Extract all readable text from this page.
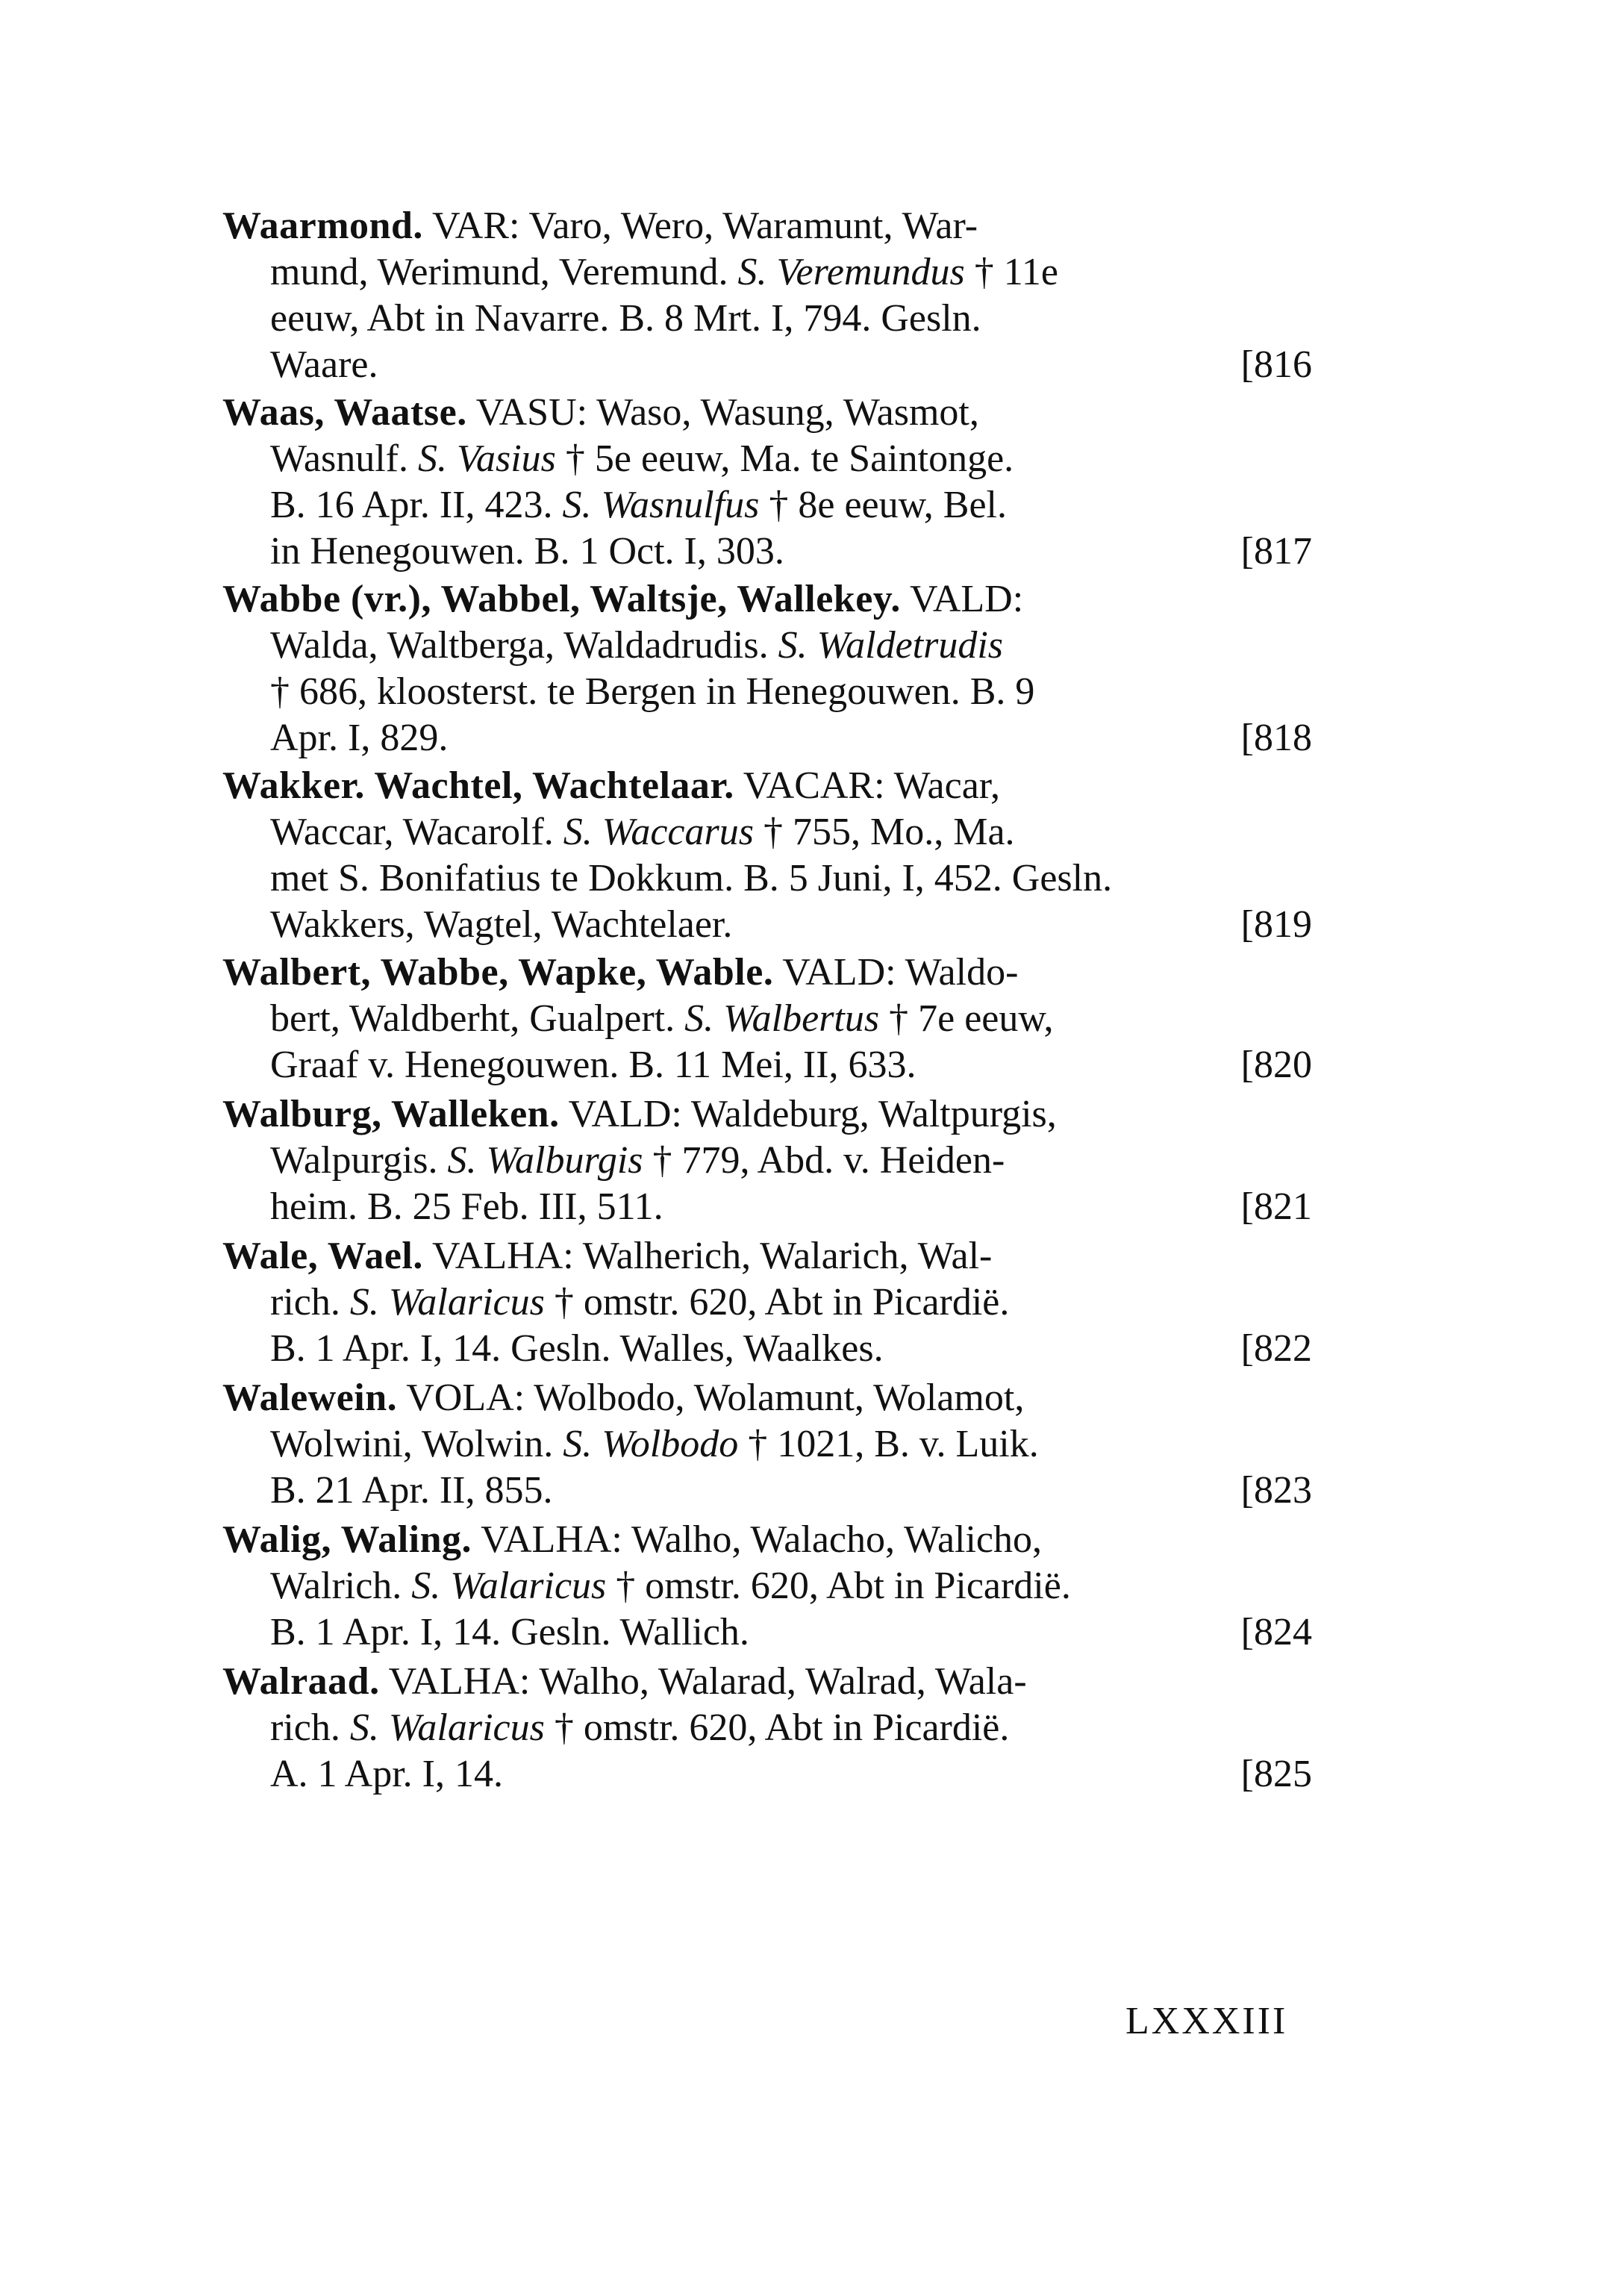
Waarmond. VAR: Varo, Wero, Waramunt, War-
mund, Werimund, Veremund. S. Veremundus † 11e
eeuw, Abt in Navarre. B. 8 Mrt. I, 794. Gesln.
Waare.	[816
Waas, Waatse. VASU: Waso, Wasung, Wasmot,
Wasnulf. S. Vasius † 5e eeuw, Ma. te Saintonge.
B. 16 Apr. II, 423. S. Wasnulfus † 8e eeuw, Bel.
in Henegouwen. B. 1 Oct. I, 303.	[817
Wabbe (vr.), Wabbel, Waltsje, Wallekey. VALD:
Walda, Waltberga, Waldadrudis. S. Waldetrudis
† 686, kloosterst. te Bergen in Henegouwen. B. 9
Apr. I, 829.	[818
Wakker. Wachtel, Wachtelaar. VACAR: Wacar,
Waccar, Wacarolf. S. Waccarus † 755, Mo., Ma.
met S. Bonifatius te Dokkum. B. 5 Juni, I, 452. Gesln.
Wakkers, Wagtel, Wachtelaer.	[819
Walbert, Wabbe, Wapke, Wable. VALD: Waldo-
bert, Waldberht, Gualpert. S. Walbertus † 7e eeuw,
Graaf v. Henegouwen. B. 11 Mei, II, 633.	[820
Walburg, Walleken. VALD: Waldeburg, Waltpurgis,
Walpurgis. S. Walburgis † 779, Abd. v. Heiden-
heim. B. 25 Feb. III, 511.	[821
Wale, Wael. VALHA: Walherich, Walarich, Wal-
rich. S. Walaricus † omstr. 620, Abt in Picardië.
B. 1 Apr. I, 14. Gesln. Walles, Waalkes.	[822
Walewein. VOLA: Wolbodo, Wolamunt, Wolamot,
Wolwini, Wolwin. S. Wolbodo † 1021, B. v. Luik.
B. 21 Apr. II, 855.	[823
Walig, Waling. VALHA: Walho, Walacho, Walicho,
Walrich. S. Walaricus † omstr. 620, Abt in Picardië.
B. 1 Apr. I, 14. Gesln. Wallich.	[824
Walraad. VALHA: Walho, Walarad, Walrad, Wala-
rich. S. Walaricus † omstr. 620, Abt in Picardië.
A. 1 Apr. I, 14.	[825
LXXXIII
